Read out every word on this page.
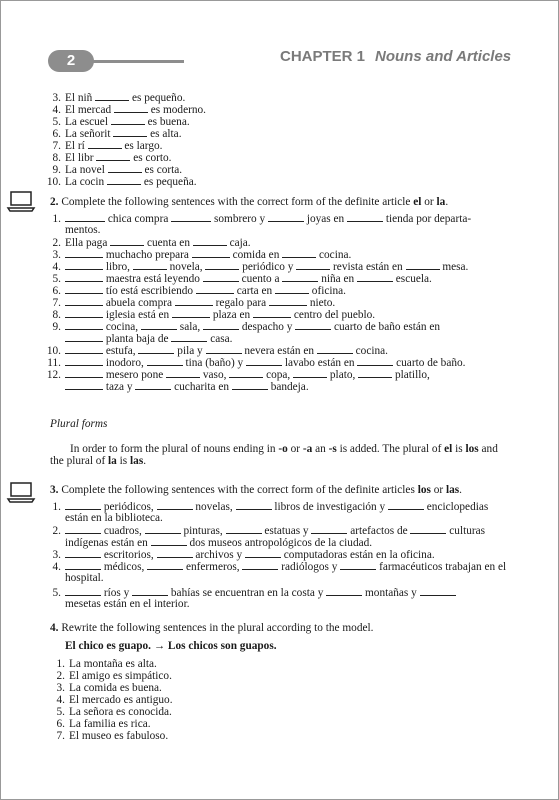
2	CHAPTER 1 Nouns and Articles
3. El niñ	es pequeño.
4. El mercad	es moderno.
5. La escuel	es buena.
6. La señorit	es alta.
7. El rí	es largo.
8. El libr	es corto.
9. La novel	es corta.
10. La cocin	es pequeña.
2. Complete the following sentences with the correct form of the definite article el or la.
1.	chica compra	sombrero y	joyas en	tienda por departa-
mentos.
2. Ella paga	cuenta en	caja.
3.	muchacho prepara	comida en	cocina.
4.	libro,	novela,	periódico y	revista están en	mesa.
5.	maestra está leyendo	cuento a	niña en	escuela.
6.	tío está escribiendo	carta en	oficina.
7.	abuela compra	regalo para	nieto.
8.	iglesia está en	plaza en	centro del pueblo.
9.	cocina,	sala,	despacho y	cuarto de baño están en
planta baja de	casa.
10.	estufa,	pila y	nevera están en	cocina.
11.	inodoro,	tina (baño) y	lavabo están en	cuarto de baño.
12.	mesero pone	vaso,	copa,	plato,	platillo,
taza y	cucharita en	bandeja.
Plural forms
In order to form the plural of nouns ending in -o or -a an -s is added. The plural of el is los and
the plural of la is las.
3. Complete the following sentences with the correct form of the definite articles los or las.
1.	periódicos,	novelas,	libros de investigación y	enciclopedias
están en la biblioteca.
2.	cuadros,	pinturas,	estatuas y	artefactos de	culturas
indígenas están en	dos museos antropológicos de la ciudad.
3.	escritorios,	archivos y	computadoras están en la oficina.
4.	médicos,	enfermeros,	radiólogos y	farmacéuticos trabajan en el
hospital.
5.	ríos y	bahías se encuentran en la costa y	montañas y
mesetas están en el interior.
4. Rewrite the following sentences in the plural according to the model.
El chico es guapo. → Los chicos son guapos.
1. La montaña es alta.
2. El amigo es simpático.
3. La comida es buena.
4. El mercado es antiguo.
5. La señora es conocida.
6. La familia es rica.
7. El museo es fabuloso.
